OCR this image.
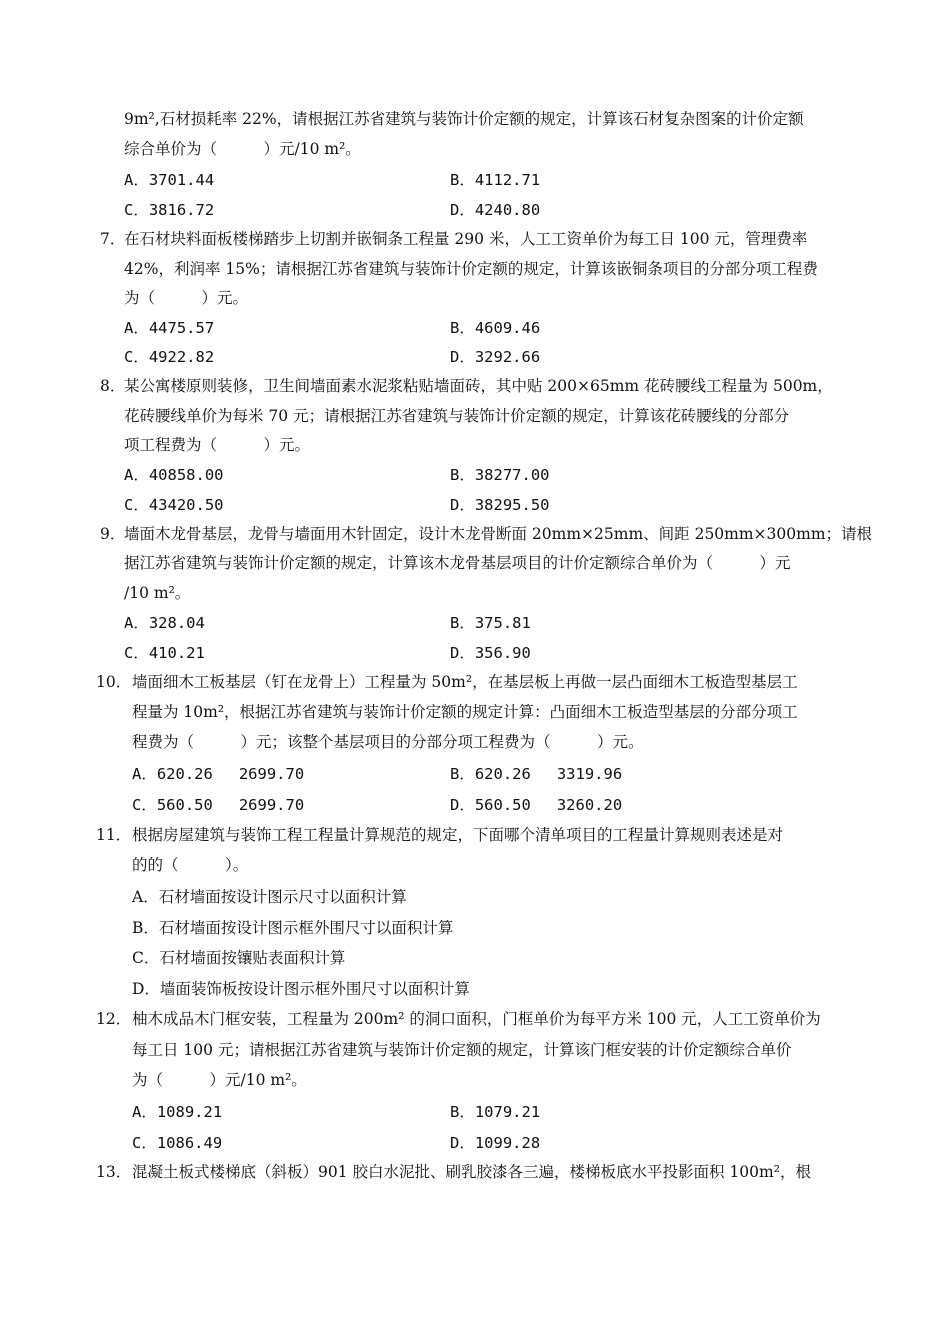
9m²,石材损耗率 22%，请根据江苏省建筑与装饰计价定额的规定，计算该石材复杂图案的计价定额
综合单价为（　　　）元/10 m²。
A．3701.44	B．4112.71
C．3816.72	D．4240.80
7．
在石材块料面板楼梯踏步上切割并嵌铜条工程量 290 米，人工工资单价为每工日 100 元，管理费率
42%，利润率 15%；请根据江苏省建筑与装饰计价定额的规定，计算该嵌铜条项目的分部分项工程费
为（　　　）元。
A．4475.57	B．4609.46
C．4922.82	D．3292.66
8．
某公寓楼原则装修，卫生间墙面素水泥浆粘贴墙面砖，其中贴 200×65mm 花砖腰线工程量为 500m，
花砖腰线单价为每米 70 元；请根据江苏省建筑与装饰计价定额的规定，计算该花砖腰线的分部分
项工程费为（　　　）元。
A．40858.00	B．38277.00
C．43420.50	D．38295.50
9．
墙面木龙骨基层，龙骨与墙面用木针固定，设计木龙骨断面 20mm×25mm、间距 250mm×300mm；请根
据江苏省建筑与装饰计价定额的规定，计算该木龙骨基层项目的计价定额综合单价为（　　　）元
/10 m²。
A．328.04	B．375.81
C．410.21	D．356.90
10． 墙面细木工板基层（钉在龙骨上）工程量为 50m²，在基层板上再做一层凸面细木工板造型基层工
程量为 10m²，根据江苏省建筑与装饰计价定额的规定计算：凸面细木工板造型基层的分部分项工
程费为（　　　）元；该整个基层项目的分部分项工程费为（　　　）元。
A．620.26 2699.70	B．620.26 3319.96
C．560.50 2699.70	D．560.50 3260.20
11． 根据房屋建筑与装饰工程工程量计算规范的规定，下面哪个清单项目的工程量计算规则表述是对
的的（　　　）。
A．石材墙面按设计图示尺寸以面积计算
B．石材墙面按设计图示框外围尺寸以面积计算
C．石材墙面按镶贴表面积计算
D．墙面装饰板按设计图示框外围尺寸以面积计算
12． 柚木成品木门框安装，工程量为 200m² 的洞口面积，门框单价为每平方米 100 元，人工工资单价为
每工日 100 元；请根据江苏省建筑与装饰计价定额的规定，计算该门框安装的计价定额综合单价
为（　　　）元/10 m²。
A．1089.21	B．1079.21
C．1086.49	D．1099.28
13． 混凝土板式楼梯底（斜板）901 胶白水泥批、刷乳胶漆各三遍，楼梯板底水平投影面积 100m²，根
